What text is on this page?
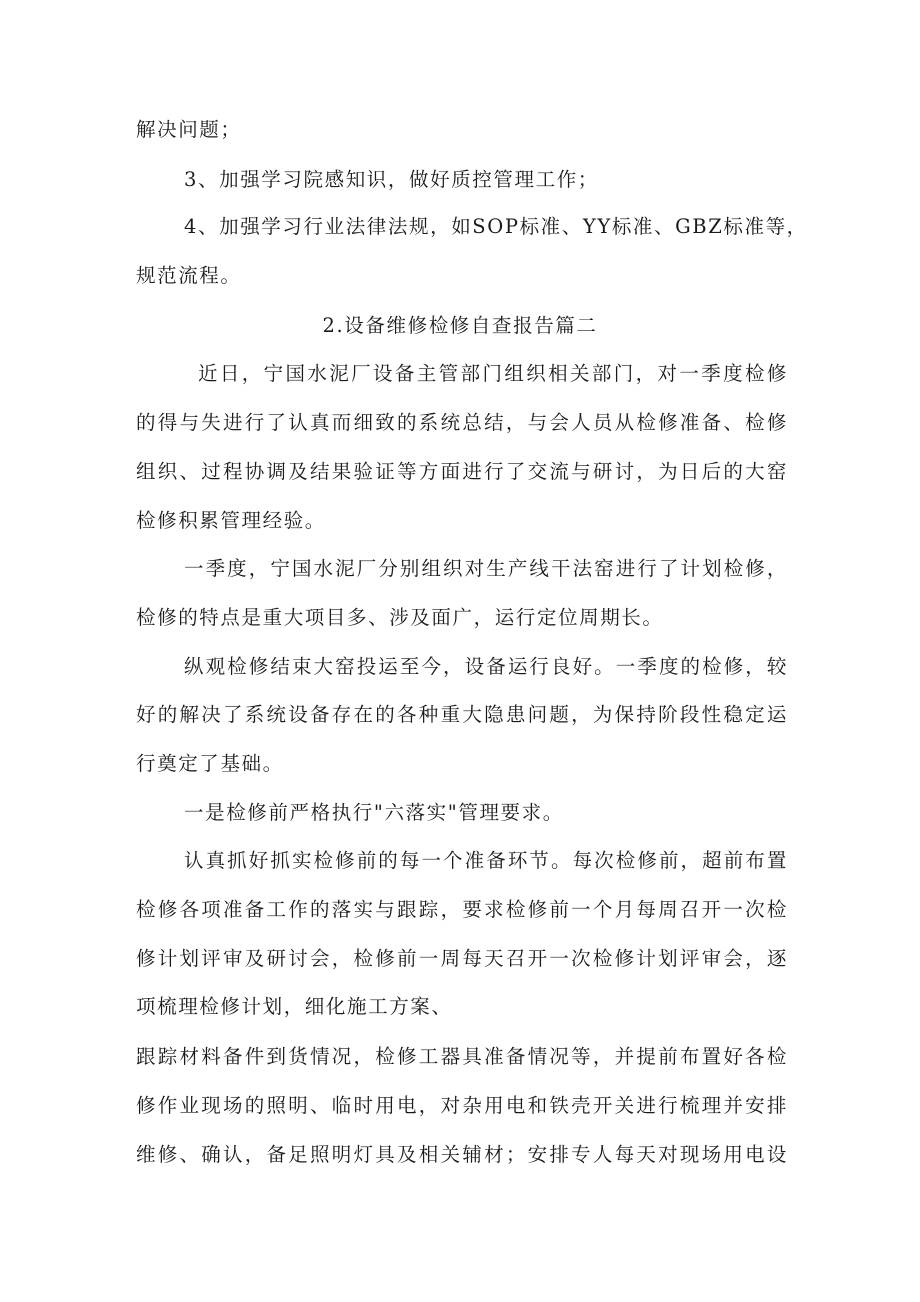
解决问题；
3、加强学习院感知识，做好质控管理工作；
4、加强学习行业法律法规，如SOP标准、YY标准、GBZ标准等，
规范流程。
2.设备维修检修自查报告篇二
近日，宁国水泥厂设备主管部门组织相关部门，对一季度检修
的得与失进行了认真而细致的系统总结，与会人员从检修准备、检修
组织、过程协调及结果验证等方面进行了交流与研讨，为日后的大窑
检修积累管理经验。
一季度，宁国水泥厂分别组织对生产线干法窑进行了计划检修，
检修的特点是重大项目多、涉及面广，运行定位周期长。
纵观检修结束大窑投运至今，设备运行良好。一季度的检修，较
好的解决了系统设备存在的各种重大隐患问题，为保持阶段性稳定运
行奠定了基础。
一是检修前严格执行"六落实"管理要求。
认真抓好抓实检修前的每一个准备环节。每次检修前，超前布置
检修各项准备工作的落实与跟踪，要求检修前一个月每周召开一次检
修计划评审及研讨会，检修前一周每天召开一次检修计划评审会，逐
项梳理检修计划，细化施工方案、
跟踪材料备件到货情况，检修工器具准备情况等，并提前布置好各检
修作业现场的照明、临时用电，对杂用电和铁壳开关进行梳理并安排
维修、确认，备足照明灯具及相关辅材；安排专人每天对现场用电设
